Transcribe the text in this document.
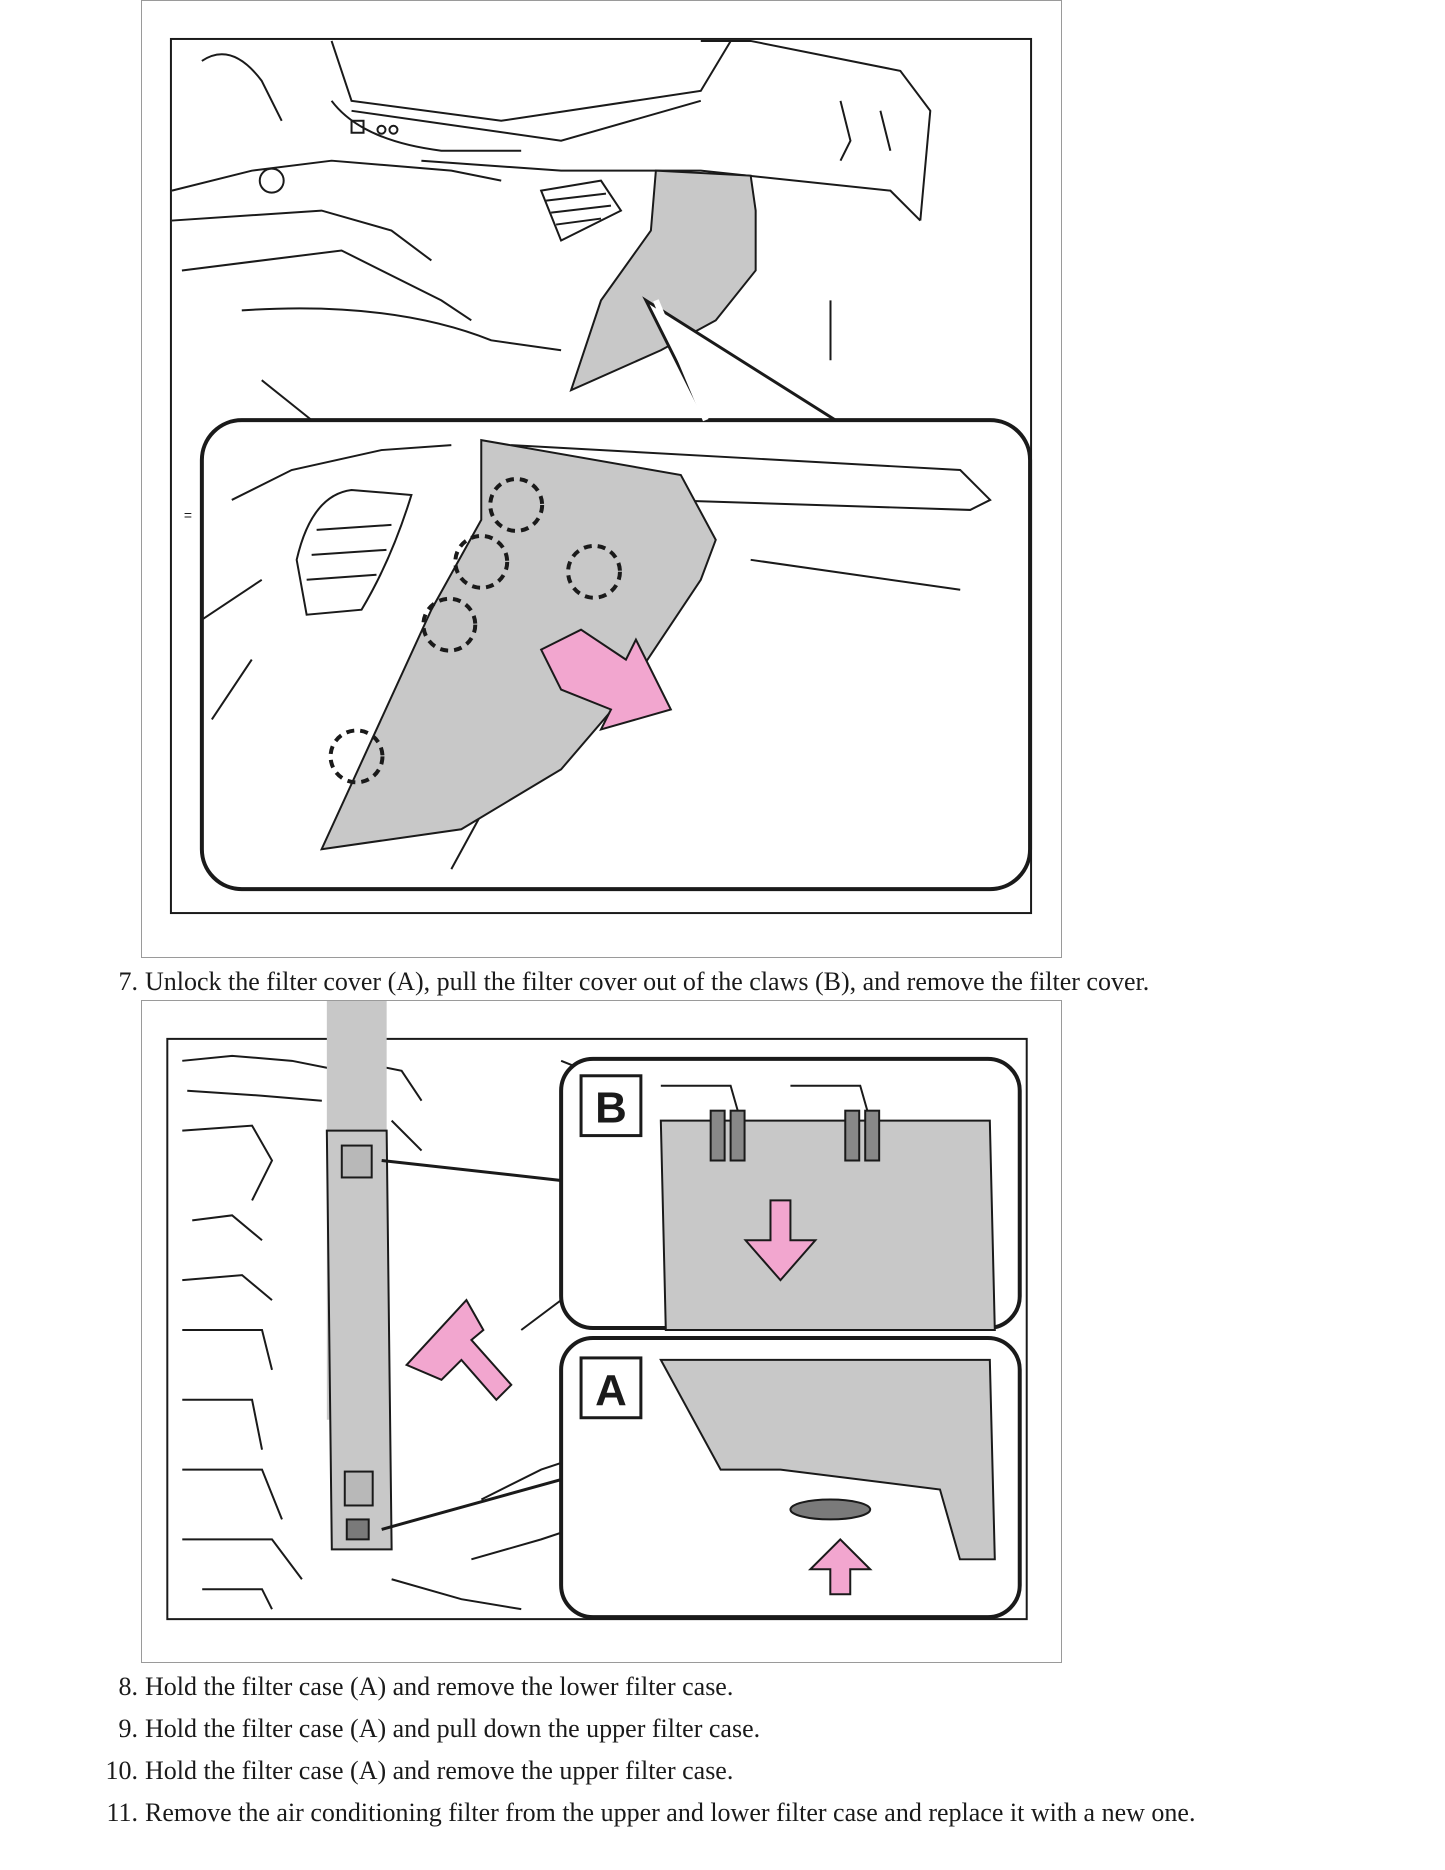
=
7. Unlock the filter cover (A), pull the filter cover out of the claws (B), and remove the filter cover.
B
A
8. Hold the filter case (A) and remove the lower filter case.
9. Hold the filter case (A) and pull down the upper filter case.
10. Hold the filter case (A) and remove the upper filter case.
11. Remove the air conditioning filter from the upper and lower filter case and replace it with a new one.
